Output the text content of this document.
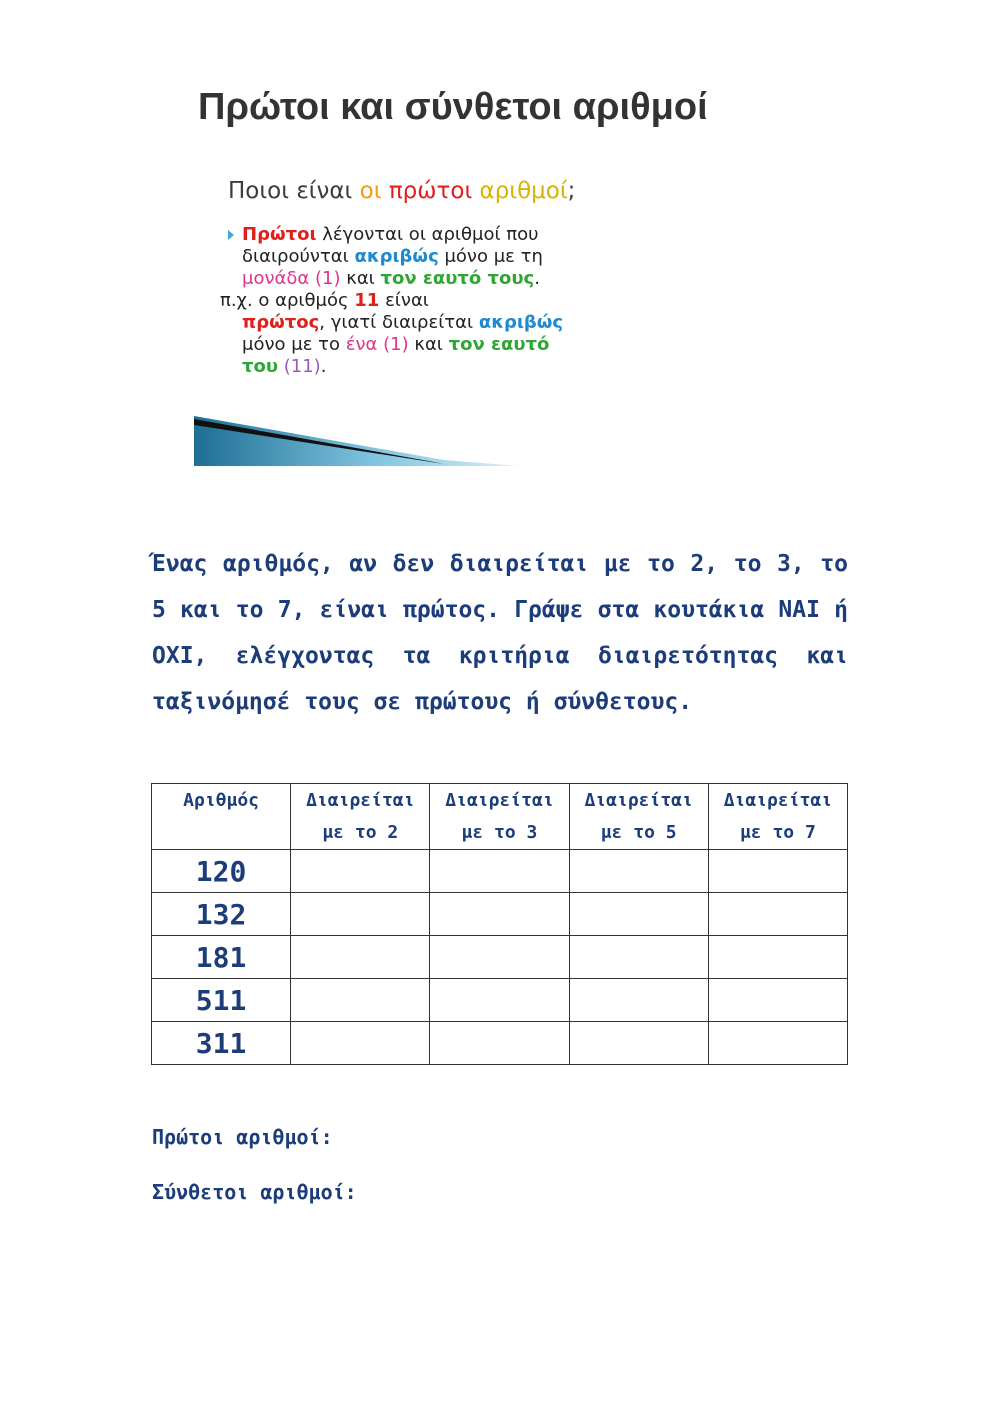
Πρώτοι και σύνθετοι αριθμοί
Ποιοι είναι οι πρώτοι αριθμοί;
Πρώτοι λέγονται οι αριθμοί που
διαιρούνται ακριβώς μόνο με τη
μονάδα (1) και τον εαυτό τους.
π.χ. ο αριθμός 11 είναι
πρώτος, γιατί διαιρείται ακριβώς
μόνο με το ένα (1) και τον εαυτό
του (11).

Ένας αριθμός, αν δεν διαιρείται με το 2, το 3, το 5 και το 7, είναι πρώτος. Γράψε στα κουτάκια ΝΑΙ ή ΟΧΙ, ελέγχοντας τα κριτήρια διαιρετότητας και ταξινόμησέ τους σε πρώτους ή σύνθετους.

Αριθμός	Διαιρείται με το 2	Διαιρείται με το 3	Διαιρείται με το 5	Διαιρείται με το 7
120				
132				
181				
511				
311				

Πρώτοι αριθμοί:

Σύνθετοι αριθμοί:
